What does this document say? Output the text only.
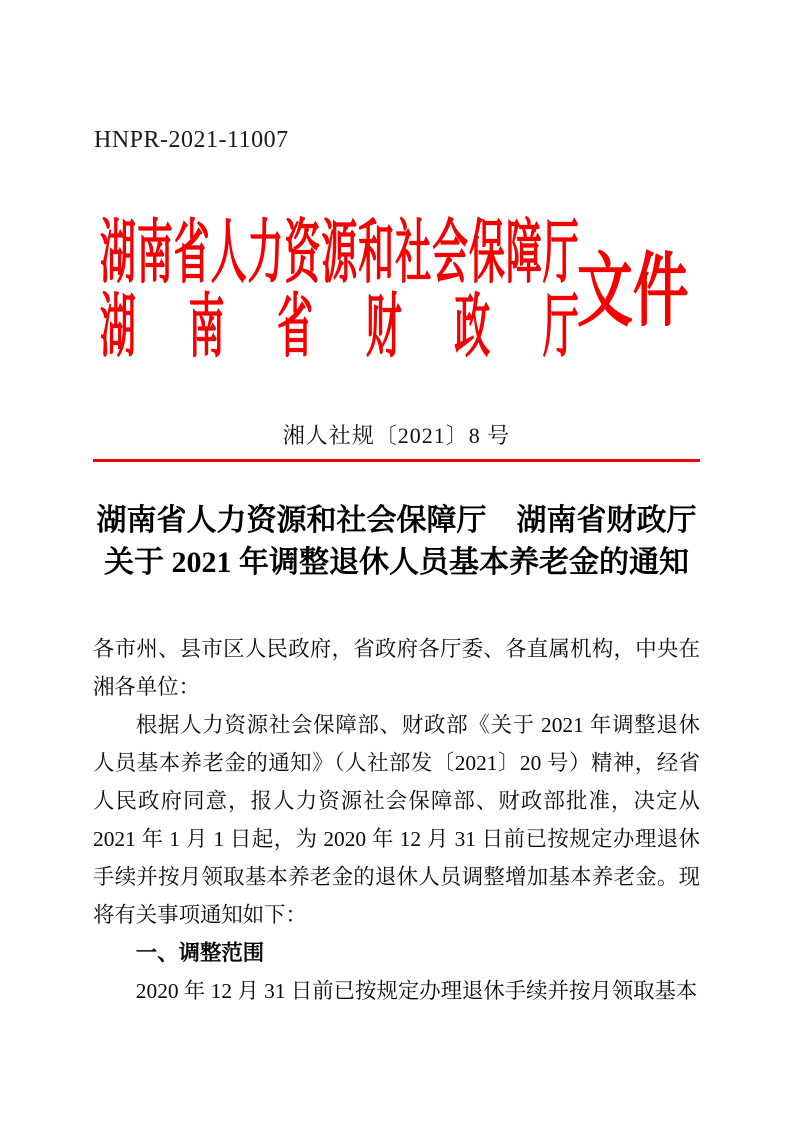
HNPR-2021-11007
湖 南 省 人 力 资 源 和 社 会 保 障 厅
湖 南 省 财 政 厅
文件
湘人社规〔2021〕8 号
湖南省人力资源和社会保障厅　湖南省财政厅
关于 2021 年调整退休人员基本养老金的通知

各市州、县市区人民政府，省政府各厅委、各直属机构，中央在湘各单位：

根据人力资源社会保障部、财政部《关于 2021 年调整退休人员基本养老金的通知》（人社部发〔2021〕20 号）精神，经省人民政府同意，报人力资源社会保障部、财政部批准，决定从 2021 年 1 月 1 日起，为 2020 年 12 月 31 日前已按规定办理退休手续并按月领取基本养老金的退休人员调整增加基本养老金。现将有关事项通知如下：

一、调整范围

2020 年 12 月 31 日前已按规定办理退休手续并按月领取基本
